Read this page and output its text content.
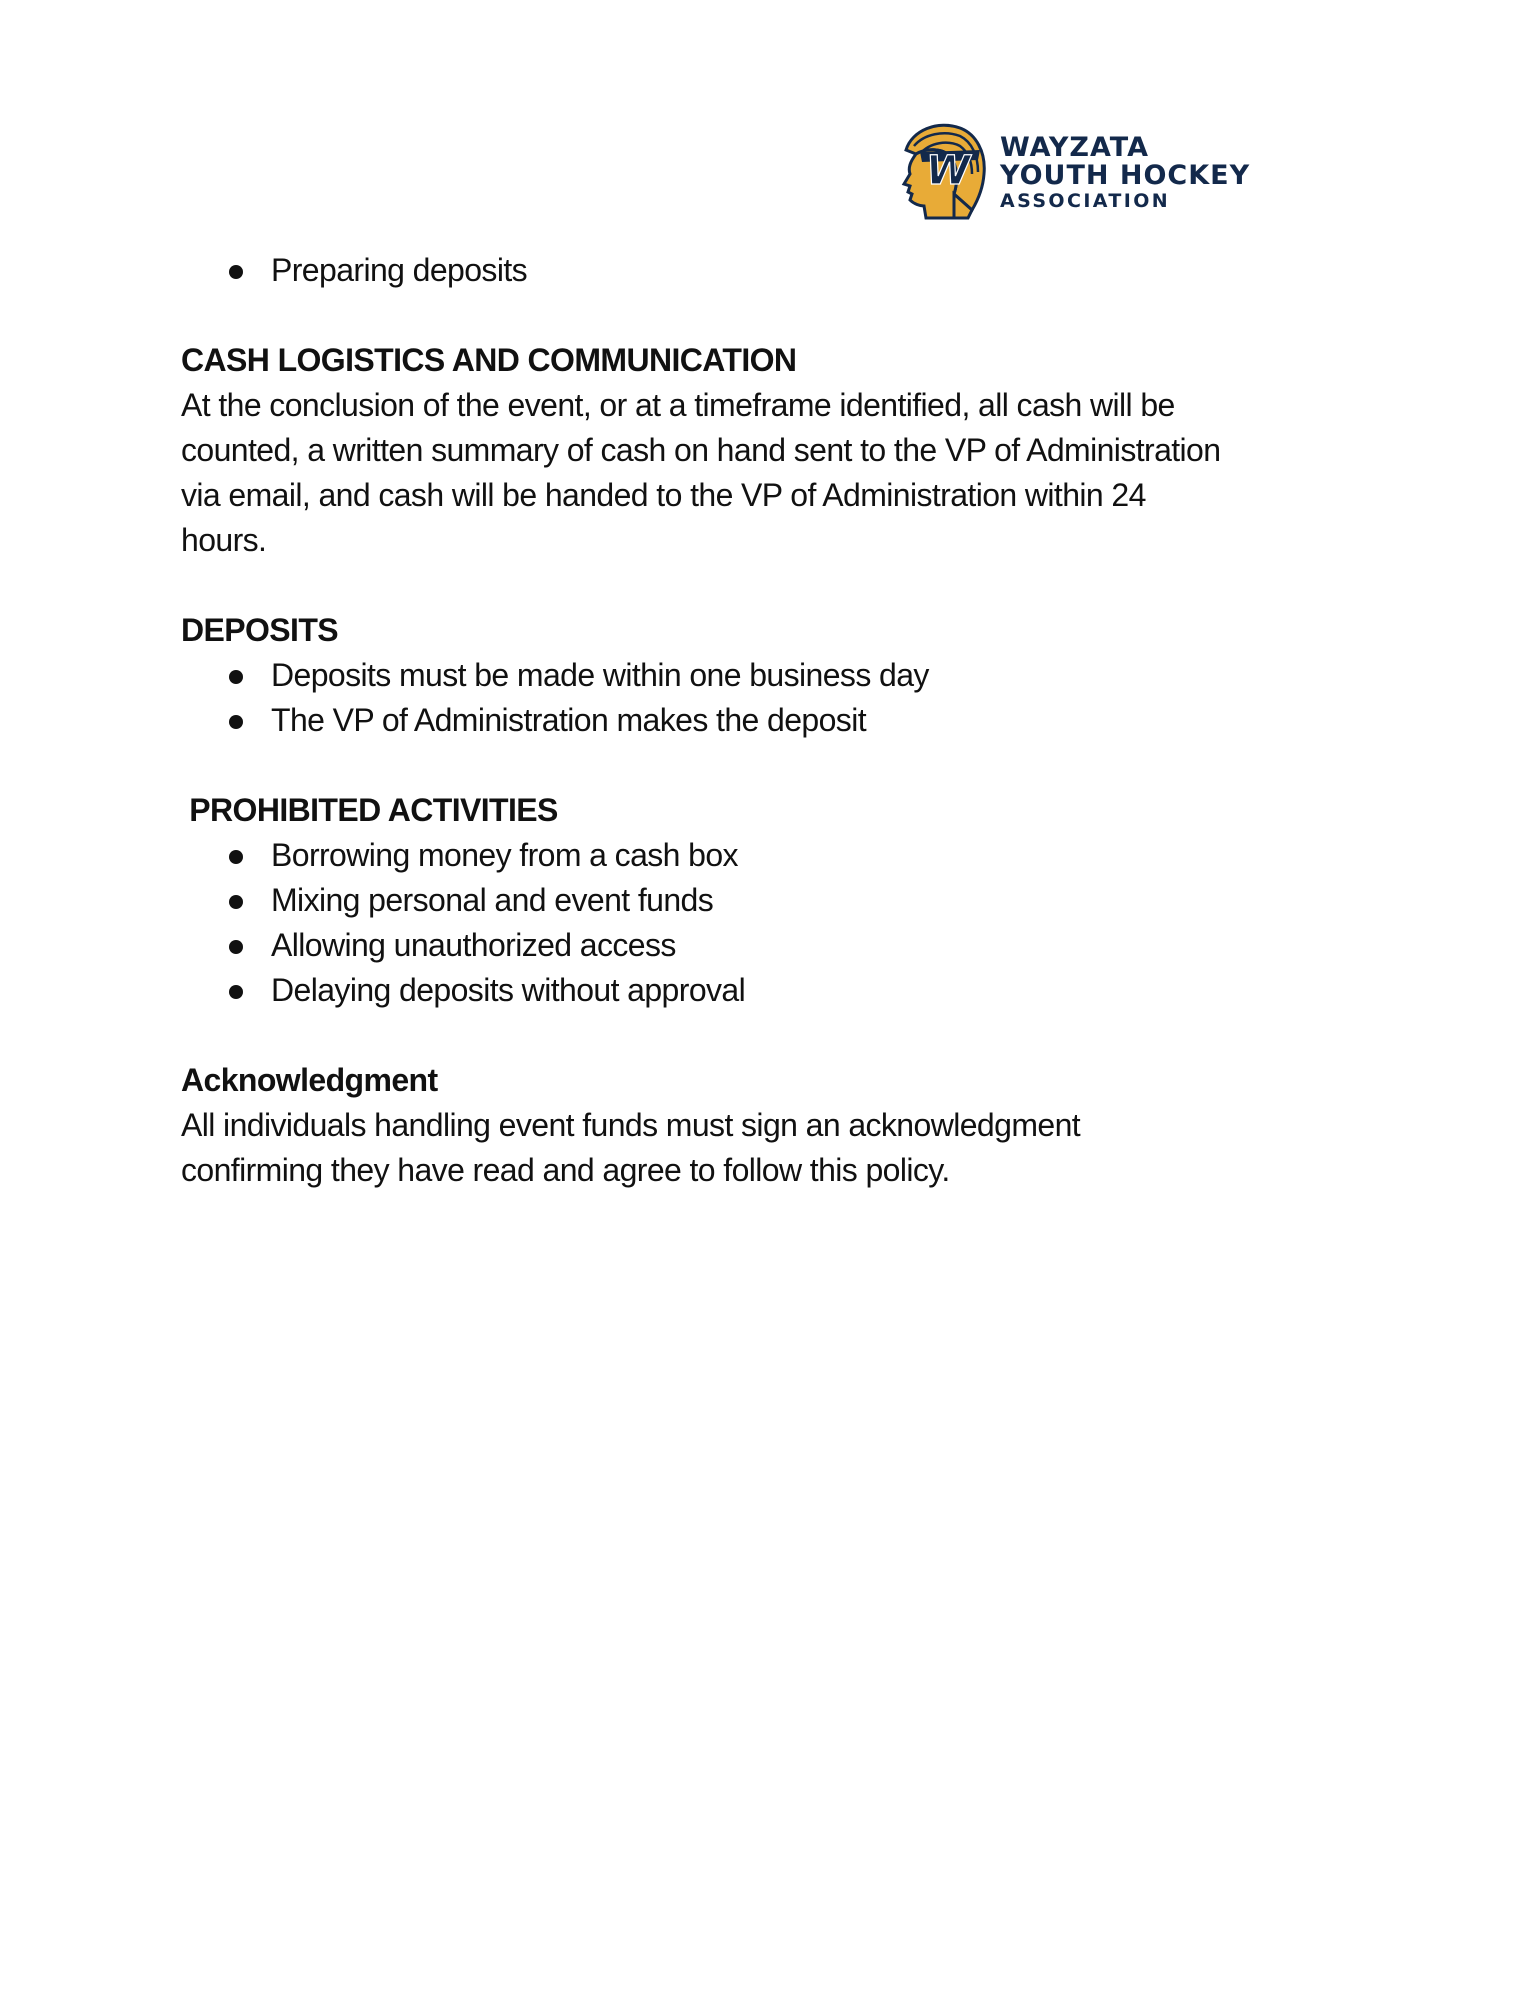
W
WAYZATA
YOUTH HOCKEY
ASSOCIATION
Preparing deposits
CASH LOGISTICS AND COMMUNICATION
At the conclusion of the event, or at a timeframe identified, all cash will be
counted, a written summary of cash on hand sent to the VP of Administration
via email, and cash will be handed to the VP of Administration within 24
hours.
DEPOSITS
Deposits must be made within one business day
The VP of Administration makes the deposit
PROHIBITED ACTIVITIES
Borrowing money from a cash box
Mixing personal and event funds
Allowing unauthorized access
Delaying deposits without approval
Acknowledgment
All individuals handling event funds must sign an acknowledgment
confirming they have read and agree to follow this policy.
